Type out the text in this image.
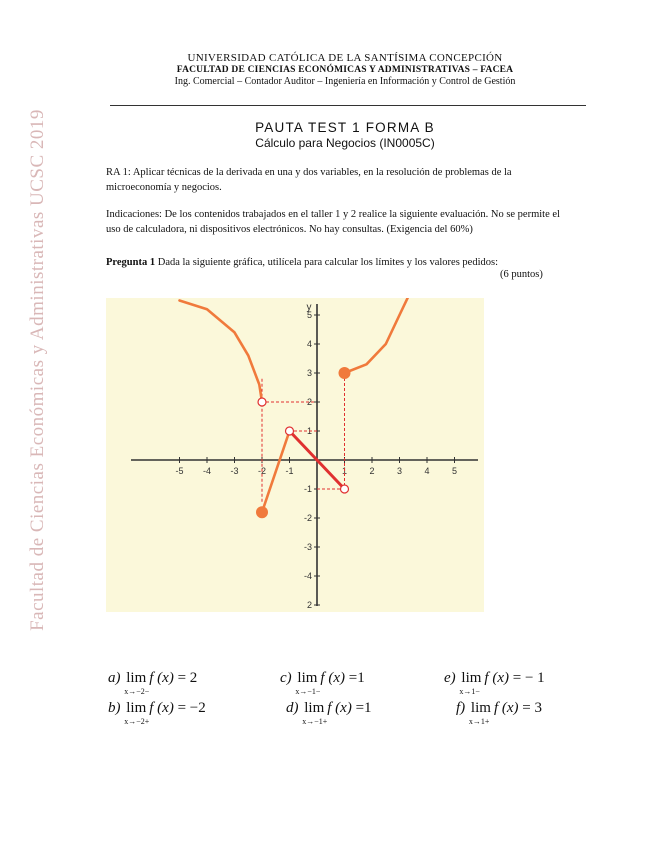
Facultad de Ciencias Económicas y Administrativas UCSC 2019
UNIVERSIDAD CATÓLICA DE LA SANTÍSIMA CONCEPCIÓN
FACULTAD DE CIENCIAS ECONÓMICAS Y ADMINISTRATIVAS – FACEA
Ing. Comercial – Contador Auditor – Ingeniería en Información y Control de Gestión
PAUTA TEST 1 FORMA B
Cálculo para Negocios (IN0005C)
RA 1: Aplicar técnicas de la derivada en una y dos variables, en la resolución de problemas de la microeconomía y negocios.
Indicaciones: De los contenidos trabajados en el taller 1 y 2 realice la siguiente evaluación. No se permite el uso de calculadora, ni dispositivos electrónicos. No hay consultas. (Exigencia del 60%)
Pregunta 1 Dada la siguiente gráfica, utilícela para calcular los límites y los valores pedidos:
(6 puntos)
-5 -4 -3 -2 -1	1 2 3 4 5
5
4
3
2
1
-1
-2
-3
-4
2
y
a) lim
x→−2−
f (x) = 2	c) lim
x→−1−
f (x) =1	e) lim
x→1−
f (x) = − 1
b) lim
x→−2+
f (x) = −2	d) lim
x→−1+
f (x) =1	f) lim
x→1+
f (x) = 3
